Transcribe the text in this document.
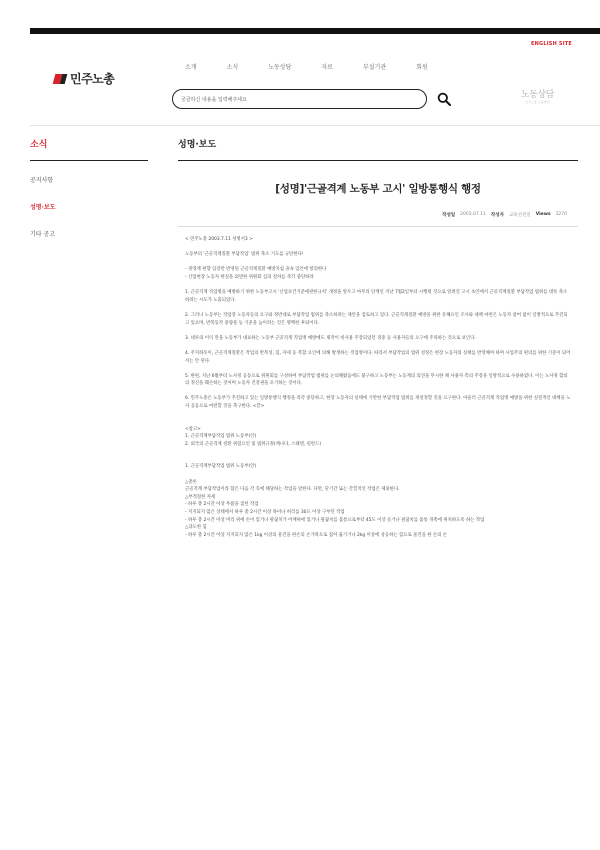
ENGLISH SITE
민주노총
소개	소식	노동상담	자료	부설기관	회원
궁금하신 내용을 입력해주세요	노동상담
민주노총 노동상담
소식	성명·보도
공지사항
성명·보도
기타 공고
[성명]'근골격계 노동부 고시' 일방통행식 행정
작성일 2003.07.11 작성자 교육선전실 Views 3270

< 민주노총 2003.7.11 성명서3 >

노동부의 '근골격계질환 부담작업' 범위 축소 기도를 규탄한다!

- 경영계 편향 입장만 반영된 근골격계질환 예방지침 졸속 입안에 항의한다
- 산업현장 노동자 현실을 외면한 위원회 심의 절차를 즉각 중단하라

1. 근골격계 직업병을 예방하기 위한 노동부고시 '산업보건기준에관한규칙' 개정을 앞두고 마무리 단계인 지난 7월2일부터 시행될 것으로 알려진 고시 초안에서 근골격계질환 부담작업 범위를 대폭 축소하려는 시도가 노출되었다.

2. 그러나 노동부는 작업장 노동자들의 요구와 정반대로 부담작업 범위를 축소하려는 제안을 검토하고 있다. 근골격계질환 예방을 위한 유해요인 조사와 대책 마련은 노동자 참여 없이 일방적으로 추진되고 있으며, 반복동작 중량물 등 기준을 높이려는 것은 명백한 후퇴이다.

3. 네루의 이익 만을 노동부가 대표하는 노동부 근골격계 직업병 예방에도 제작이 비사용 주장되었던 경중 등 사용자들의 요구에 주목하는 것으로 보인다.

4. 주지하듯이, 근골격계질환은 작업의 반복성, 힘, 자세 등 복합 요인에 의해 발생하는 직업병이다. 따라서 부담작업의 범위 설정은 현장 노동자의 실태를 반영해야 하며 사업주의 편의를 위한 기준이 되어서는 안 된다.

5. 한편, 지난 6월부터 노사정 공동으로 위원회를 구성하여 부담작업 범위를 논의해왔음에도 불구하고 노동부는 노동계의 의견을 무시한 채 사용자 측의 주장을 일방적으로 수용하였다. 이는 노사정 합의의 정신을 훼손하는 것이며 노동자 건강권을 포기하는 것이다.

6. 민주노총은 노동부가 추진하고 있는 일방통행식 행정을 즉각 중단하고, 현장 노동자의 실태에 기반한 부담작업 범위를 재설정할 것을 요구한다. 아울러 근골격계 직업병 예방을 위한 실질적인 대책을 노사 공동으로 마련할 것을 촉구한다. <끝>

<참고>
1. 근골격계부담작업 범위 노동부(안)
2. 외국의 근골격계 질환 위험요인 및 범위규정(캐나다, 스웨덴, 핀란드)

1. 근골격계부담작업 범위 노동부(안)

△총론
근골격계 부담작업이라 함은 다음 각 호에 해당하는 작업을 말한다. 다만, 단기간 또는 간헐적인 작업은 제외한다.
△부적절한 자세
- 하루 총 2시간 이상 무릎을 굽힌 작업
- 지지되지 않은 상태에서 하루 총 2시간 이상 목이나 허리를 30도 이상 구부린 작업
- 하루 총 2시간 이상 머리 위에 손이 있거나 팔꿈치가 어깨위에 있거나 팔꿈치를 몸통으로부터 45도 이상 들거나 팔꿈치를 몸통 뒤쪽에 위치하도록 하는 작업
△과도한 힘
- 하루 총 2시간 이상 지지되지 않은 1kg 이상의 물건을 한손의 손가락으로 집어 옮기거나 2kg 이상에 상응하는 힘으로 물건을 한 손의 손
